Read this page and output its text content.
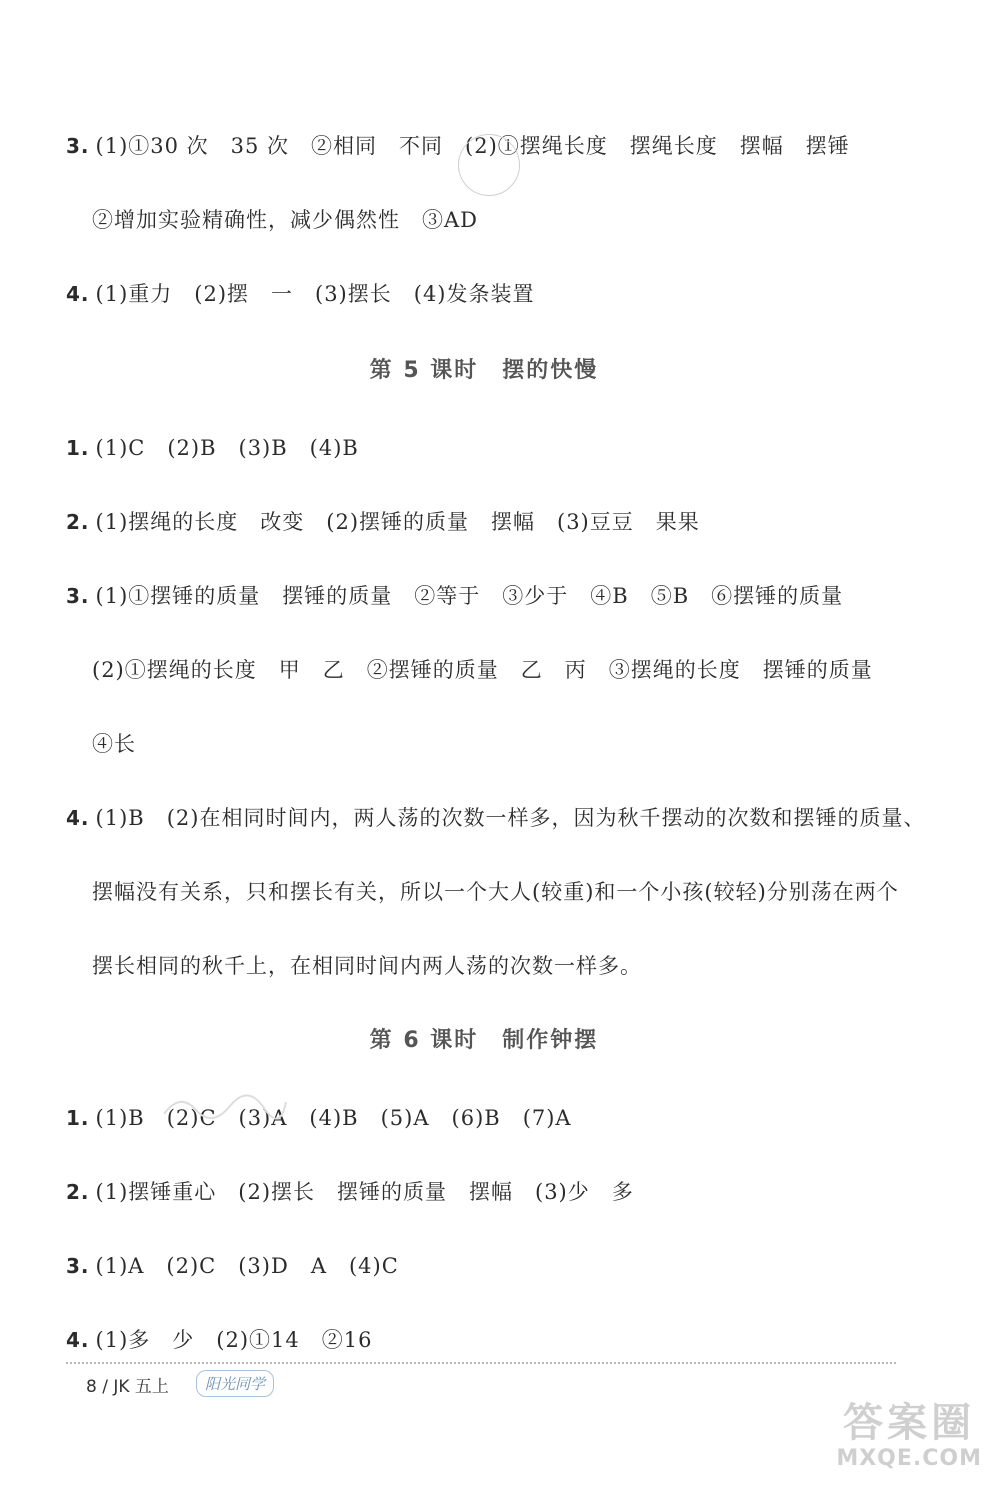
3. (1)①30 次　35 次　②相同　不同　(2)①摆绳长度　摆绳长度　摆幅　摆锤
②增加实验精确性，减少偶然性　③AD
4. (1)重力　(2)摆　一　(3)摆长　(4)发条装置
第 5 课时　摆的快慢
1. (1)C　(2)B　(3)B　(4)B
2. (1)摆绳的长度　改变　(2)摆锤的质量　摆幅　(3)豆豆　果果
3. (1)①摆锤的质量　摆锤的质量　②等于　③少于　④B　⑤B　⑥摆锤的质量
(2)①摆绳的长度　甲　乙　②摆锤的质量　乙　丙　③摆绳的长度　摆锤的质量
④长
4. (1)B　(2)在相同时间内，两人荡的次数一样多，因为秋千摆动的次数和摆锤的质量、
摆幅没有关系，只和摆长有关，所以一个大人(较重)和一个小孩(较轻)分别荡在两个
摆长相同的秋千上，在相同时间内两人荡的次数一样多。
第 6 课时　制作钟摆
1. (1)B　(2)C　(3)A　(4)B　(5)A　(6)B　(7)A
2. (1)摆锤重心　(2)摆长　摆锤的质量　摆幅　(3)少　多
3. (1)A　(2)C　(3)D　A　(4)C
4. (1)多　少　(2)①14　②16
8 / JK 五上	阳光同学
答案圈
MXQE.COM
